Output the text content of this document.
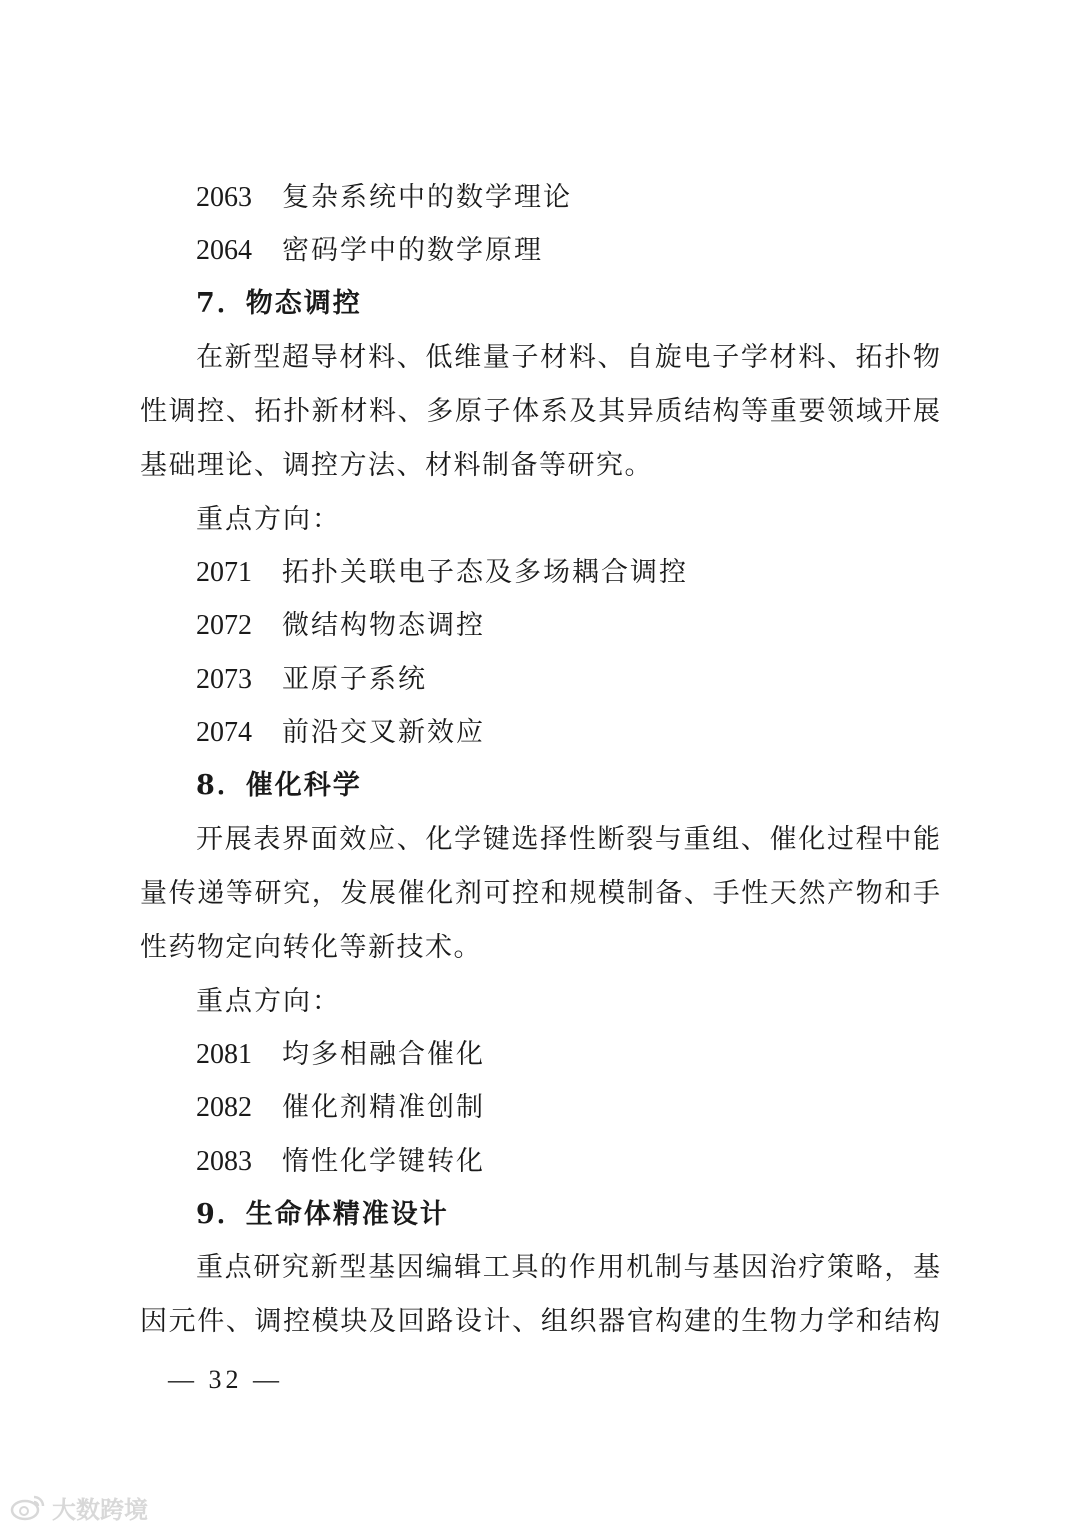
2063 复杂系统中的数学理论
2064 密码学中的数学原理
7．物态调控
在新型超导材料、低维量子材料、自旋电子学材料、拓扑物
性调控、拓扑新材料、多原子体系及其异质结构等重要领域开展
基础理论、调控方法、材料制备等研究。
重点方向：
2071 拓扑关联电子态及多场耦合调控
2072 微结构物态调控
2073 亚原子系统
2074 前沿交叉新效应
8．催化科学
开展表界面效应、化学键选择性断裂与重组、催化过程中能
量传递等研究，发展催化剂可控和规模制备、手性天然产物和手
性药物定向转化等新技术。
重点方向：
2081 均多相融合催化
2082 催化剂精准创制
2083 惰性化学键转化
9．生命体精准设计
重点研究新型基因编辑工具的作用机制与基因治疗策略，基
因元件、调控模块及回路设计、组织器官构建的生物力学和结构
— 32 —
大数跨境
